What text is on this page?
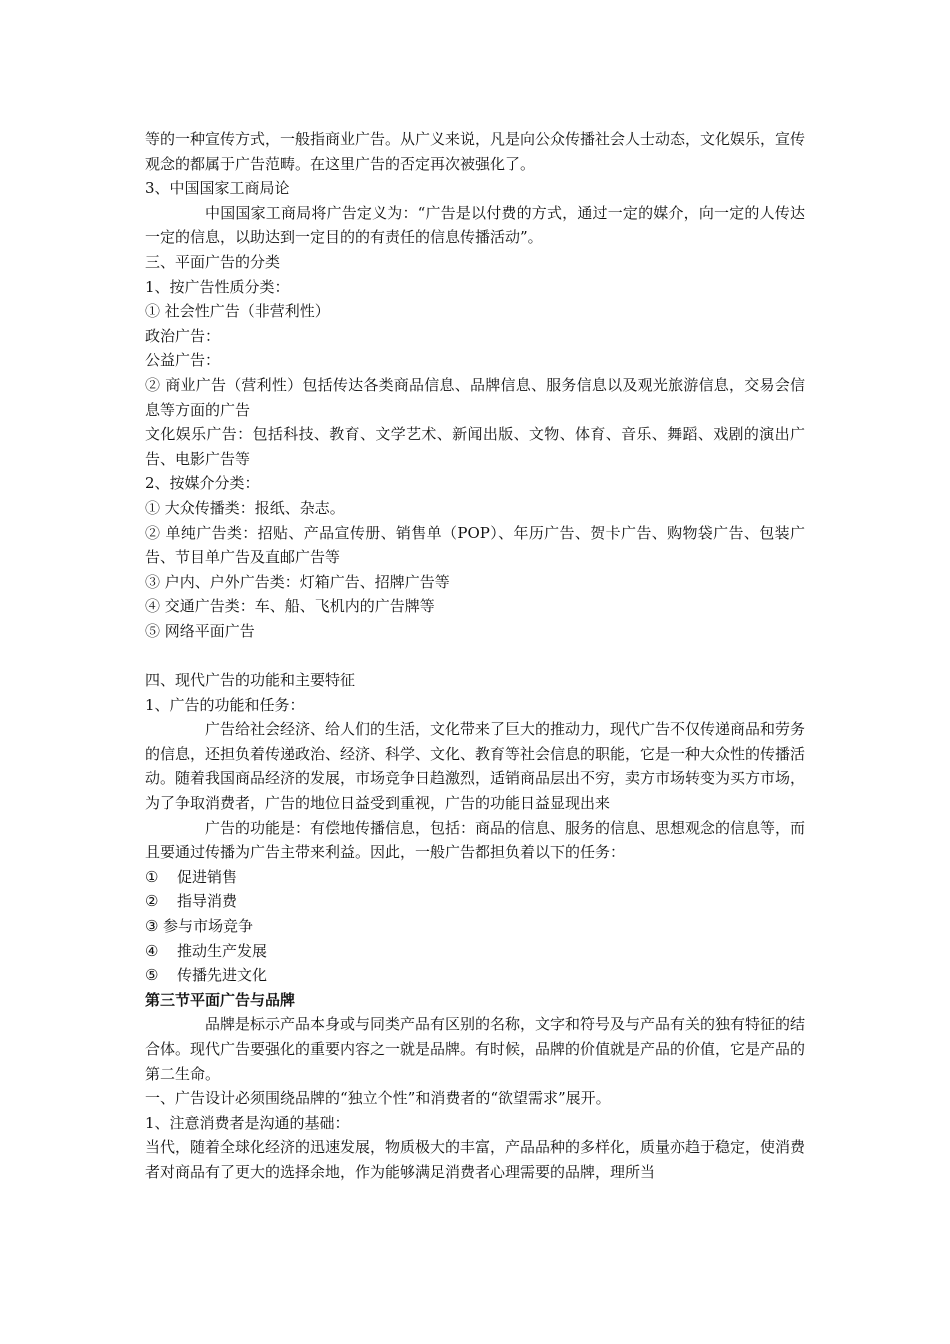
等的一种宣传方式，一般指商业广告。从广义来说，凡是向公众传播社会人士动态，文化娱乐，宣传观念的都属于广告范畴。在这里广告的否定再次被强化了。

3、中国国家工商局论

中国国家工商局将广告定义为：“广告是以付费的方式，通过一定的媒介，向一定的人传达一定的信息，以助达到一定目的的有责任的信息传播活动”。

三、平面广告的分类

1、按广告性质分类：

① 社会性广告（非营利性）

政治广告：

公益广告：

② 商业广告（营利性）包括传达各类商品信息、品牌信息、服务信息以及观光旅游信息，交易会信息等方面的广告

文化娱乐广告：包括科技、教育、文学艺术、新闻出版、文物、体育、音乐、舞蹈、戏剧的演出广告、电影广告等

2、按媒介分类：

① 大众传播类：报纸、杂志。

② 单纯广告类：招贴、产品宣传册、销售单（POP）、年历广告、贺卡广告、购物袋广告、包装广告、节目单广告及直邮广告等

③ 户内、户外广告类：灯箱广告、招牌广告等

④ 交通广告类：车、船、飞机内的广告牌等

⑤ 网络平面广告

四、现代广告的功能和主要特征

1、广告的功能和任务：

广告给社会经济、给人们的生活，文化带来了巨大的推动力，现代广告不仅传递商品和劳务的信息，还担负着传递政治、经济、科学、文化、教育等社会信息的职能，它是一种大众性的传播活动。随着我国商品经济的发展，市场竞争日趋激烈，适销商品层出不穷，卖方市场转变为买方市场，为了争取消费者，广告的地位日益受到重视，广告的功能日益显现出来

广告的功能是：有偿地传播信息，包括：商品的信息、服务的信息、思想观念的信息等，而且要通过传播为广告主带来利益。因此，一般广告都担负着以下的任务：

① 促进销售

② 指导消费

③ 参与市场竞争

④ 推动生产发展

⑤ 传播先进文化

第三节平面广告与品牌

品牌是标示产品本身或与同类产品有区别的名称，文字和符号及与产品有关的独有特征的结合体。现代广告要强化的重要内容之一就是品牌。有时候，品牌的价值就是产品的价值，它是产品的第二生命。

一、广告设计必须围绕品牌的“独立个性”和消费者的“欲望需求”展开。

1、注意消费者是沟通的基础：

当代，随着全球化经济的迅速发展，物质极大的丰富，产品品种的多样化，质量亦趋于稳定，使消费者对商品有了更大的选择余地，作为能够满足消费者心理需要的品牌，理所当
